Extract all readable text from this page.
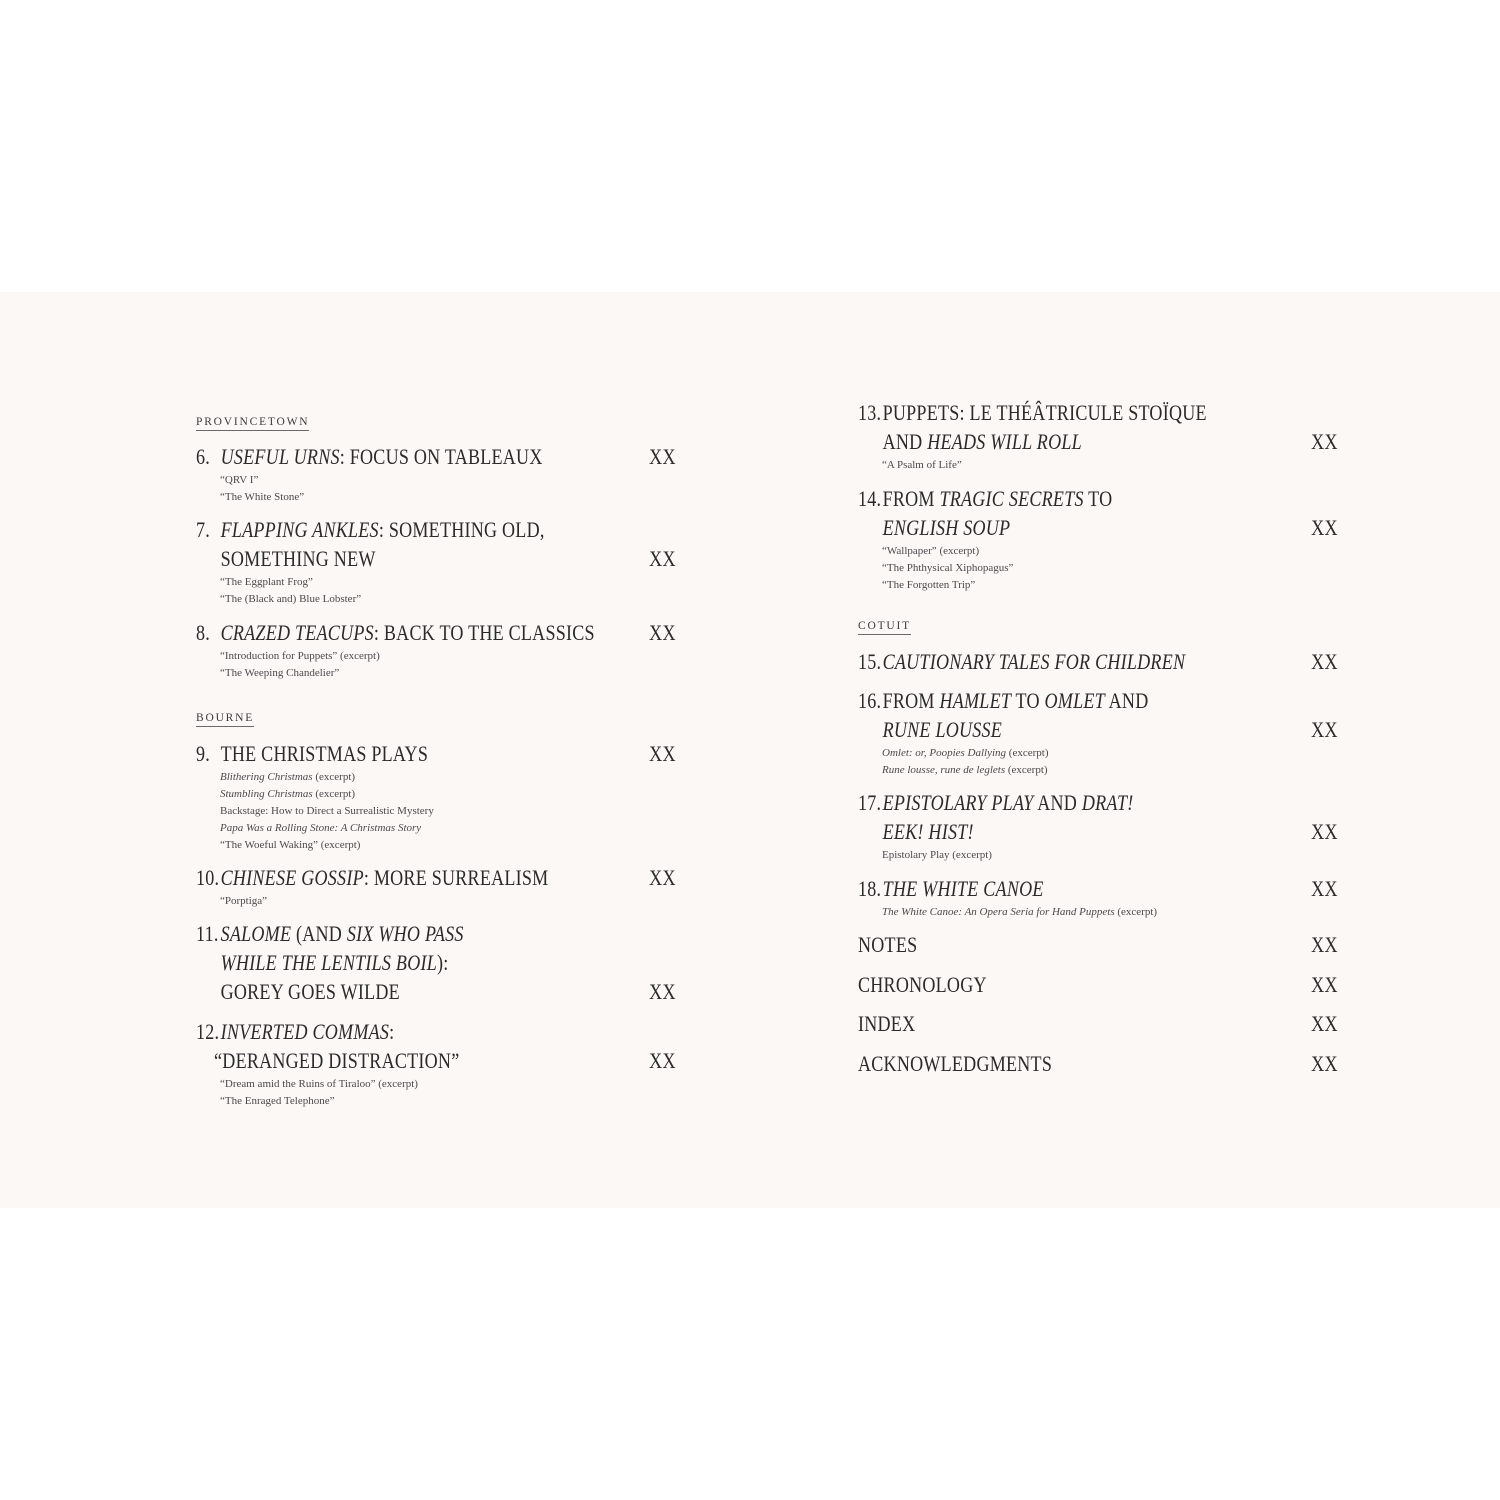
PROVINCETOWN
6. USEFUL URNS: FOCUS ON TABLEAUX	XX
“QRV I”
“The White Stone”
7. FLAPPING ANKLES: SOMETHING OLD,
SOMETHING NEW	XX
“The Eggplant Frog”
“The (Black and) Blue Lobster”
8. CRAZED TEACUPS: BACK TO THE CLASSICS	XX
“Introduction for Puppets” (excerpt)
“The Weeping Chandelier”
BOURNE
9. THE CHRISTMAS PLAYS	XX
Blithering Christmas (excerpt)
Stumbling Christmas (excerpt)
Backstage: How to Direct a Surrealistic Mystery
Papa Was a Rolling Stone: A Christmas Story
“The Woeful Waking” (excerpt)
10.CHINESE GOSSIP: MORE SURREALISM	XX
“Porptiga”
11.SALOME (AND SIX WHO PASS
WHILE THE LENTILS BOIL):
GOREY GOES WILDE	XX
12.INVERTED COMMAS:
“DERANGED DISTRACTION”	XX
“Dream amid the Ruins of Tiraloo” (excerpt)
“The Enraged Telephone”
13.PUPPETS: LE THÉÂTRICULE STOÏQUE
AND HEADS WILL ROLL	XX
“A Psalm of Life”
14.FROM TRAGIC SECRETS TO
ENGLISH SOUP	XX
“Wallpaper” (excerpt)
“The Phthysical Xiphopagus”
“The Forgotten Trip”
COTUIT
15.CAUTIONARY TALES FOR CHILDREN	XX
16.FROM HAMLET TO OMLET AND
RUNE LOUSSE	XX
Omlet: or, Poopies Dallying (excerpt)
Rune lousse, rune de leglets (excerpt)
17.EPISTOLARY PLAY AND DRAT!
EEK! HIST!	XX
Epistolary Play (excerpt)
18.THE WHITE CANOE	XX
The White Canoe: An Opera Seria for Hand Puppets (excerpt)
NOTES	XX
CHRONOLOGY	XX
INDEX	XX
ACKNOWLEDGMENTS	XX
